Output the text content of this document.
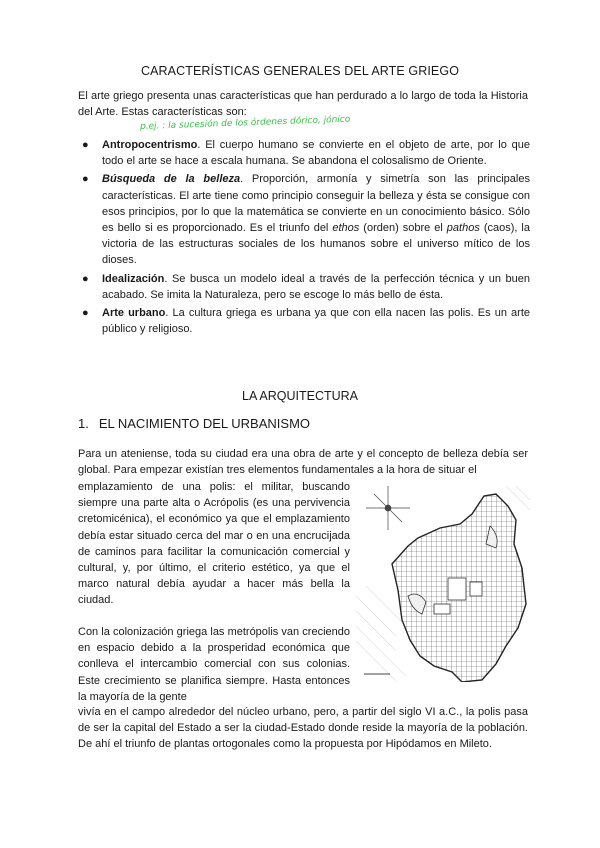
CARACTERÍSTICAS GENERALES DEL ARTE GRIEGO

El arte griego presenta unas características que han perdurado a lo largo de toda la Historia del Arte. Estas características son:

p.ej. : la sucesión de los órdenes dórico, jónico

● Antropocentrismo. El cuerpo humano se convierte en el objeto de arte, por lo que todo el arte se hace a escala humana. Se abandona el colosalismo de Oriente.
● Búsqueda de la belleza. Proporción, armonía y simetría son las principales características. El arte tiene como principio conseguir la belleza y ésta se consigue con esos principios, por lo que la matemática se convierte en un conocimiento básico. Sólo es bello si es proporcionado. Es el triunfo del ethos (orden) sobre el pathos (caos), la victoria de las estructuras sociales de los humanos sobre el universo mítico de los dioses.
● Idealización. Se busca un modelo ideal a través de la perfección técnica y un buen acabado. Se imita la Naturaleza, pero se escoge lo más bello de ésta.
● Arte urbano. La cultura griega es urbana ya que con ella nacen las polis. Es un arte público y religioso.
LA ARQUITECTURA
1. EL NACIMIENTO DEL URBANISMO

Para un ateniense, toda su ciudad era una obra de arte y el concepto de belleza debía ser global. Para empezar existían tres elementos fundamentales a la hora de situar el

emplazamiento de una polis: el militar, buscando siempre una parte alta o Acrópolis (es una pervivencia cretomicénica), el económico ya que el emplazamiento debía estar situado cerca del mar o en una encrucijada de caminos para facilitar la comunicación comercial y cultural, y, por último, el criterio estético, ya que el marco natural debía ayudar a hacer más bella la ciudad.

Con la colonización griega las metrópolis van creciendo en espacio debido a la prosperidad económica que conlleva el intercambio comercial con sus colonias. Este crecimiento se planifica siempre. Hasta entonces la mayoría de la gente

vivía en el campo alrededor del núcleo urbano, pero, a partir del siglo VI a.C., la polis pasa de ser la capital del Estado a ser la ciudad-Estado donde reside la mayoría de la población. De ahí el triunfo de plantas ortogonales como la propuesta por Hipódamos en Mileto.
